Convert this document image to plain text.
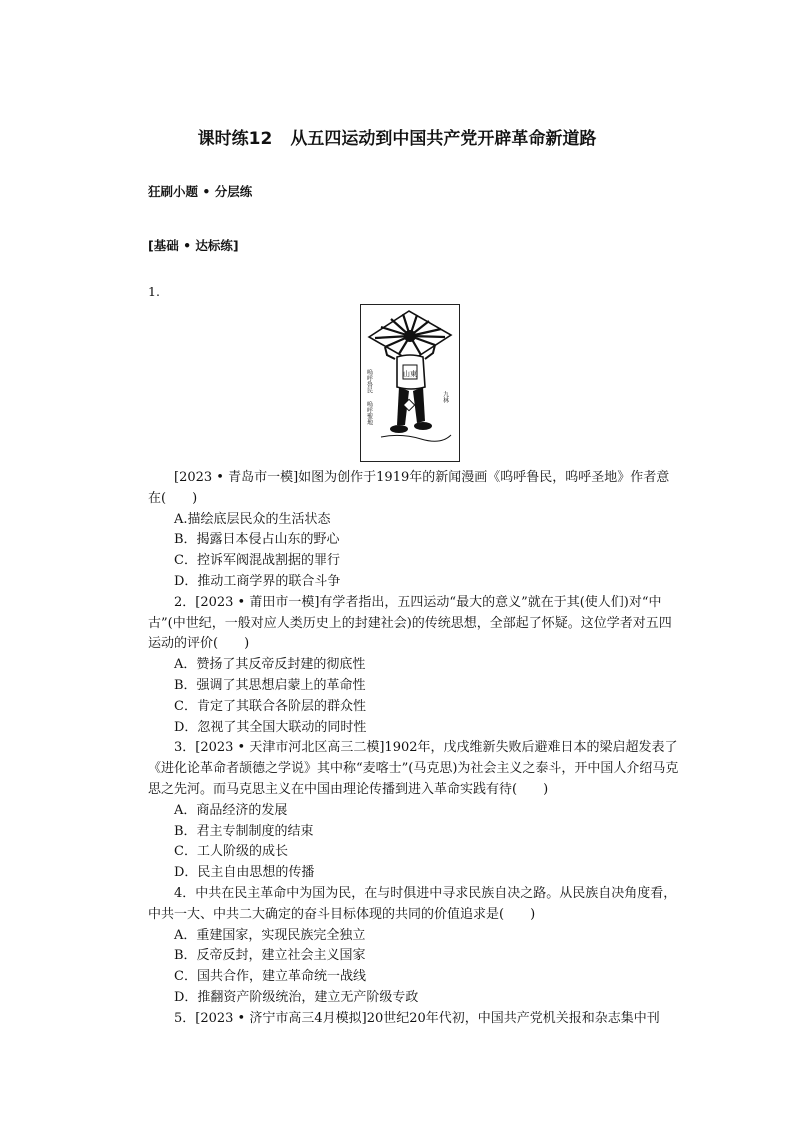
课时练12 从五四运动到中国共产党开辟革命新道路
狂刷小题 • 分层练
[基础 • 达标练]
1.
山東
嗚呼魯民
嗚呼聖地
九林

[2023 • 青岛市一模]如图为创作于1919年的新闻漫画《呜呼鲁民，呜呼圣地》作者意在(　　)

A.描绘底层民众的生活状态

B．揭露日本侵占山东的野心

C．控诉军阀混战割据的罪行

D．推动工商学界的联合斗争

2．[2023 • 莆田市一模]有学者指出，五四运动“最大的意义”就在于其(使人们)对“中古”(中世纪，一般对应人类历史上的封建社会)的传统思想，全部起了怀疑。这位学者对五四运动的评价(　　)

A．赞扬了其反帝反封建的彻底性

B．强调了其思想启蒙上的革命性

C．肯定了其联合各阶层的群众性

D．忽视了其全国大联动的同时性

3．[2023 • 天津市河北区高三二模]1902年，戊戌维新失败后避难日本的梁启超发表了《进化论革命者颉德之学说》其中称“麦喀士”(马克思)为社会主义之泰斗，开中国人介绍马克思之先河。而马克思主义在中国由理论传播到进入革命实践有待(　　)

A．商品经济的发展

B．君主专制制度的结束

C．工人阶级的成长

D．民主自由思想的传播

4．中共在民主革命中为国为民，在与时俱进中寻求民族自决之路。从民族自决角度看，中共一大、中共二大确定的奋斗目标体现的共同的价值追求是(　　)

A．重建国家，实现民族完全独立

B．反帝反封，建立社会主义国家

C．国共合作，建立革命统一战线

D．推翻资产阶级统治，建立无产阶级专政

5．[2023 • 济宁市高三4月模拟]20世纪20年代初，中国共产党机关报和杂志集中刊
